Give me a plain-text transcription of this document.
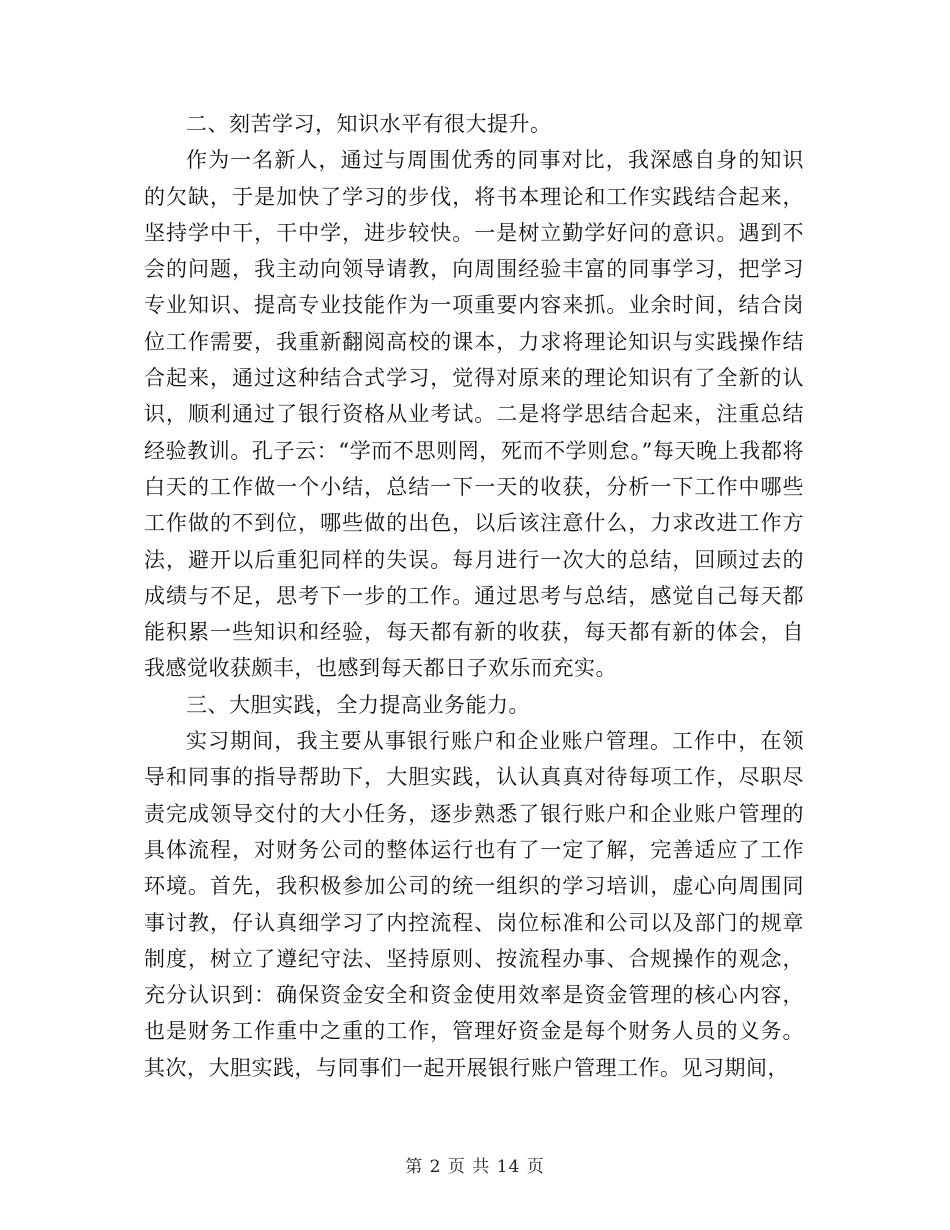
二、刻苦学习，知识水平有很大提升。

作为一名新人，通过与周围优秀的同事对比，我深感自身的知识的欠缺，于是加快了学习的步伐，将书本理论和工作实践结合起来，坚持学中干，干中学，进步较快。一是树立勤学好问的意识。遇到不会的问题，我主动向领导请教，向周围经验丰富的同事学习，把学习专业知识、提高专业技能作为一项重要内容来抓。业余时间，结合岗位工作需要，我重新翻阅高校的课本，力求将理论知识与实践操作结合起来，通过这种结合式学习，觉得对原来的理论知识有了全新的认识，顺利通过了银行资格从业考试。二是将学思结合起来，注重总结经验教训。孔子云：“学而不思则罔，死而不学则怠。”每天晚上我都将白天的工作做一个小结，总结一下一天的收获，分析一下工作中哪些工作做的不到位，哪些做的出色，以后该注意什么，力求改进工作方法，避开以后重犯同样的失误。每月进行一次大的总结，回顾过去的成绩与不足，思考下一步的工作。通过思考与总结，感觉自己每天都能积累一些知识和经验，每天都有新的收获，每天都有新的体会，自我感觉收获颇丰，也感到每天都日子欢乐而充实。

三、大胆实践，全力提高业务能力。

实习期间，我主要从事银行账户和企业账户管理。工作中，在领导和同事的指导帮助下，大胆实践，认认真真对待每项工作，尽职尽责完成领导交付的大小任务，逐步熟悉了银行账户和企业账户管理的具体流程，对财务公司的整体运行也有了一定了解，完善适应了工作环境。首先，我积极参加公司的统一组织的学习培训，虚心向周围同事讨教，仔认真细学习了内控流程、岗位标准和公司以及部门的规章制度，树立了遵纪守法、坚持原则、按流程办事、合规操作的观念，充分认识到：确保资金安全和资金使用效率是资金管理的核心内容，也是财务工作重中之重的工作，管理好资金是每个财务人员的义务。其次，大胆实践，与同事们一起开展银行账户管理工作。见习期间，

第 2 页 共 14 页
